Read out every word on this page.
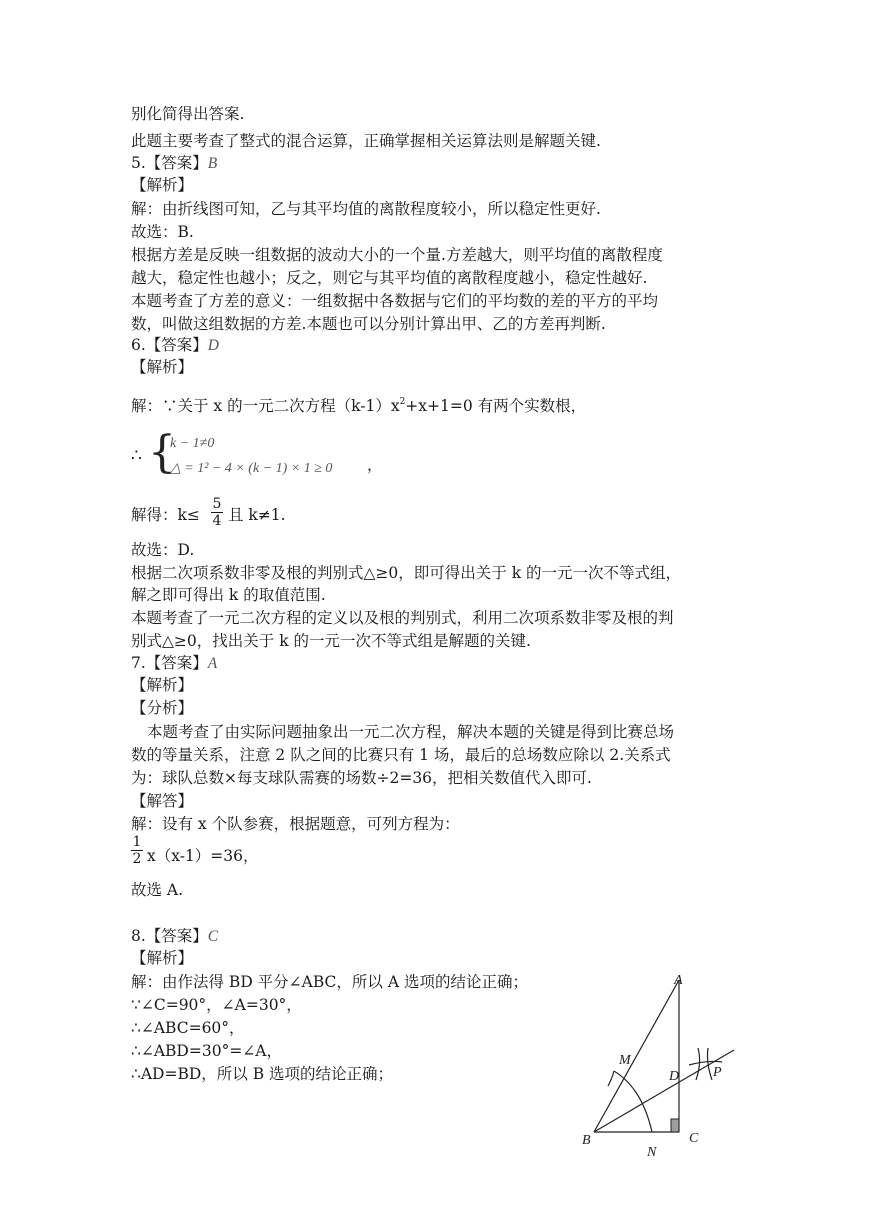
别化简得出答案.
此题主要考查了整式的混合运算，正确掌握相关运算法则是解题关键.
5.【答案】B
【解析】
解：由折线图可知，乙与其平均值的离散程度较小，所以稳定性更好.
故选：B.
根据方差是反映一组数据的波动大小的一个量.方差越大，则平均值的离散程度
越大，稳定性也越小；反之，则它与其平均值的离散程度越小，稳定性越好.
本题考查了方差的意义：一组数据中各数据与它们的平均数的差的平方的平均
数，叫做这组数据的方差.本题也可以分别计算出甲、乙的方差再判断.
6.【答案】D
【解析】
解：∵关于 x 的一元二次方程$(k-1)x^2+x+1=0$ 有两个实数根，
∴ {
k − 1≠0
△ = 1² − 4 × (k − 1) × 1 ≥ 0 ，
解得：k≤
5
4 且 k≠1.
故选：D.
根据二次项系数非零及根的判别式△≥0，即可得出关于 k 的一元一次不等式组，
解之即可得出 k 的取值范围.
本题考查了一元二次方程的定义以及根的判别式，利用二次项系数非零及根的判
别式△≥0，找出关于 k 的一元一次不等式组是解题的关键.
7.【答案】A
【解析】
【分析】
本题考查了由实际问题抽象出一元二次方程，解决本题的关键是得到比赛总场
数的等量关系，注意 2 队之间的比赛只有 1 场，最后的总场数应除以 2.关系式
为：球队总数×每支球队需赛的场数÷2=36，把相关数值代入即可.
【解答】
解：设有 x 个队参赛，根据题意，可列方程为：
1
2 x（x-1）=36，
故选 A.
8.【答案】C
【解析】
解：由作法得 BD 平分∠ABC，所以 A 选项的结论正确；
∵∠C=90°，∠A=30°，
∴∠ABC=60°，
∴∠ABD=30°=∠A，
∴AD=BD，所以 B 选项的结论正确；
A
B	C
D
M
N
P
